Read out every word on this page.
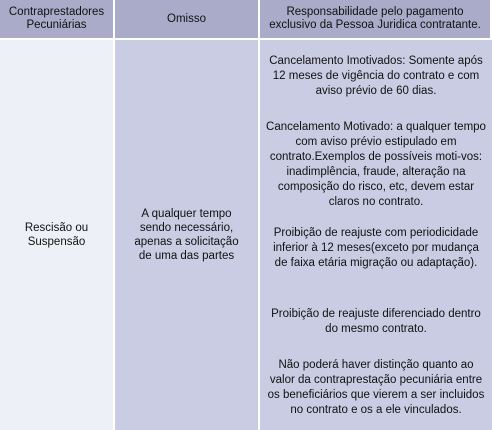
Contraprestadores Pecuniárias
Omisso
Responsabilidade pelo pagamento exclusivo da Pessoa Juridica contratante.
Rescisão ou Suspensão
A qualquer tempo sendo necessário, apenas a solicitação de uma das partes
Cancelamento Imotivados: Somente após 12 meses de vigência do contrato e com aviso prévio de 60 dias.
Cancelamento Motivado: a qualquer tempo com aviso prévio estipulado em contrato.Exemplos de possíveis moti-vos: inadimplência, fraude, alteração na composição do risco, etc, devem estar claros no contrato.
Proibição de reajuste com periodicidade inferior à 12 meses(exceto por mudança de faixa etária migração ou adaptação).
Proibição de reajuste diferenciado dentro do mesmo contrato.
Não poderá haver distinção quanto ao valor da contraprestação pecuniária entre os beneficiários que vierem a ser incluidos no contrato e os a ele vinculados.
